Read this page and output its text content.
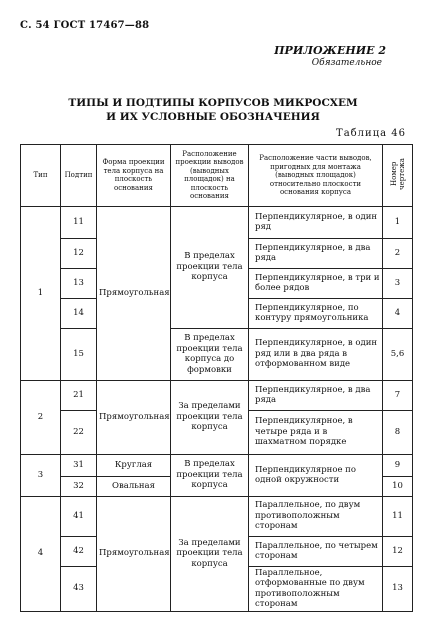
С. 54 ГОСТ 17467—88
ПРИЛОЖЕНИЕ 2
Обязательное
ТИПЫ И ПОДТИПЫ КОРПУСОВ МИКРОСХЕМ
И ИХ УСЛОВНЫЕ ОБОЗНАЧЕНИЯ
Таблица 46
Тип	Подтип	Форма проекции тела корпуса на плоскость основания	Расположение проекции выводов (выводных площадок) на плоскость основания	Расположение части выводов, пригодных для монтажа (выводных площадок) относительно плоскости основания корпуса	Номер чертежа
1	11	Прямоугольная	В пределах проекции тела корпуса	Перпендикулярное, в один ряд	1
	12			Перпендикулярное, в два ряда	2
	13			Перпендикулярное, в три и более рядов	3
	14			Перпендикулярное, по контуру прямоугольника	4
	15		В пределах проекции тела корпуса до формовки	Перпендикулярное, в один ряд или в два ряда в отформованном виде	5,6
2	21	Прямоугольная	За пределами проекции тела корпуса	Перпендикулярное, в два ряда	7
	22			Перпендикулярное, в четыре ряда и в шахматном порядке	8
3	31	Круглая	В пределах проекции тела корпуса	Перпендикулярное по одной окружности	9
	32	Овальная			10
4	41	Прямоугольная	За пределами проекции тела корпуса	Параллельное, по двум противоположным сторонам	11
	42			Параллельное, по четырем сторонам	12
	43			Параллельное, отформованные по двум противоположным сторонам	13
